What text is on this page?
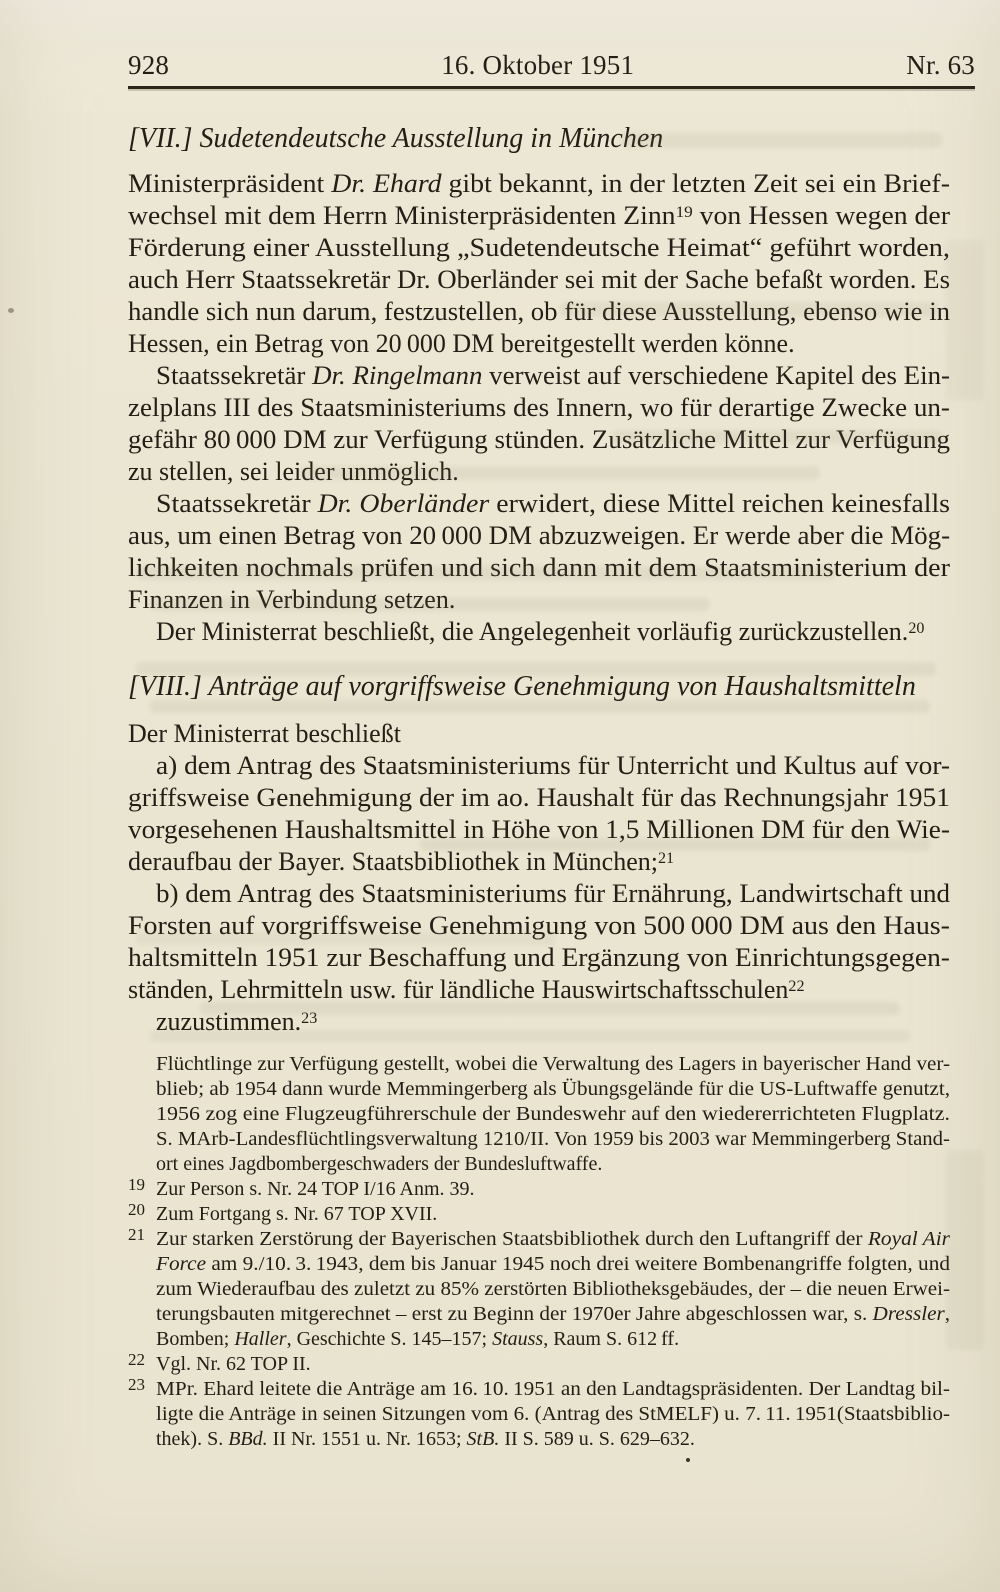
928	16. Oktober 1951	Nr. 63
[VII.] Sudetendeutsche Ausstellung in München
Ministerpräsident Dr. Ehard gibt bekannt, in der letzten Zeit sei ein Brief-
wechsel mit dem Herrn Ministerpräsidenten Zinn$^{19}$ von Hessen wegen der
Förderung einer Ausstellung „Sudetendeutsche Heimat“ geführt worden,
auch Herr Staatssekretär Dr. Oberländer sei mit der Sache befaßt worden. Es
handle sich nun darum, festzustellen, ob für diese Ausstellung, ebenso wie in
Hessen, ein Betrag von 20 000 DM bereitgestellt werden könne.
Staatssekretär Dr. Ringelmann verweist auf verschiedene Kapitel des Ein-
zelplans III des Staatsministeriums des Innern, wo für derartige Zwecke un-
gefähr 80 000 DM zur Verfügung stünden. Zusätzliche Mittel zur Verfügung
zu stellen, sei leider unmöglich.
Staatssekretär Dr. Oberländer erwidert, diese Mittel reichen keinesfalls
aus, um einen Betrag von 20 000 DM abzuzweigen. Er werde aber die Mög-
lichkeiten nochmals prüfen und sich dann mit dem Staatsministerium der
Finanzen in Verbindung setzen.
Der Ministerrat beschließt, die Angelegenheit vorläufig zurückzustellen.$^{20}$
[VIII.] Anträge auf vorgriffsweise Genehmigung von Haushaltsmitteln
Der Ministerrat beschließt
a) dem Antrag des Staatsministeriums für Unterricht und Kultus auf vor-
griffsweise Genehmigung der im ao. Haushalt für das Rechnungsjahr 1951
vorgesehenen Haushaltsmittel in Höhe von 1,5 Millionen DM für den Wie-
deraufbau der Bayer. Staatsbibliothek in München;$^{21}$
b) dem Antrag des Staatsministeriums für Ernährung, Landwirtschaft und
Forsten auf vorgriffsweise Genehmigung von 500 000 DM aus den Haus-
haltsmitteln 1951 zur Beschaffung und Ergänzung von Einrichtungsgegen-
ständen, Lehrmitteln usw. für ländliche Hauswirtschaftsschulen$^{22}$
zuzustimmen.$^{23}$
Flüchtlinge zur Verfügung gestellt, wobei die Verwaltung des Lagers in bayerischer Hand ver-
blieb; ab 1954 dann wurde Memmingerberg als Übungsgelände für die US-Luftwaffe genutzt,
1956 zog eine Flugzeugführerschule der Bundeswehr auf den wiedererrichteten Flugplatz.
S. MArb-Landesflüchtlingsverwaltung 1210/II. Von 1959 bis 2003 war Memmingerberg Stand-
ort eines Jagdbombergeschwaders der Bundesluftwaffe.
19 Zur Person s. Nr. 24 TOP I/16 Anm. 39.
20 Zum Fortgang s. Nr. 67 TOP XVII.
21 Zur starken Zerstörung der Bayerischen Staatsbibliothek durch den Luftangriff der Royal Air
Force am 9./10. 3. 1943, dem bis Januar 1945 noch drei weitere Bombenangriffe folgten, und
zum Wiederaufbau des zuletzt zu 85% zerstörten Bibliotheksgebäudes, der – die neuen Erwei-
terungsbauten mitgerechnet – erst zu Beginn der 1970er Jahre abgeschlossen war, s. Dressler,
Bomben; Haller, Geschichte S. 145–157; Stauss, Raum S. 612 ff.
22 Vgl. Nr. 62 TOP II.
23 MPr. Ehard leitete die Anträge am 16. 10. 1951 an den Landtagspräsidenten. Der Landtag bil-
ligte die Anträge in seinen Sitzungen vom 6. (Antrag des StMELF) u. 7. 11. 1951(Staatsbiblio-
thek). S. BBd. II Nr. 1551 u. Nr. 1653; StB. II S. 589 u. S. 629–632.
